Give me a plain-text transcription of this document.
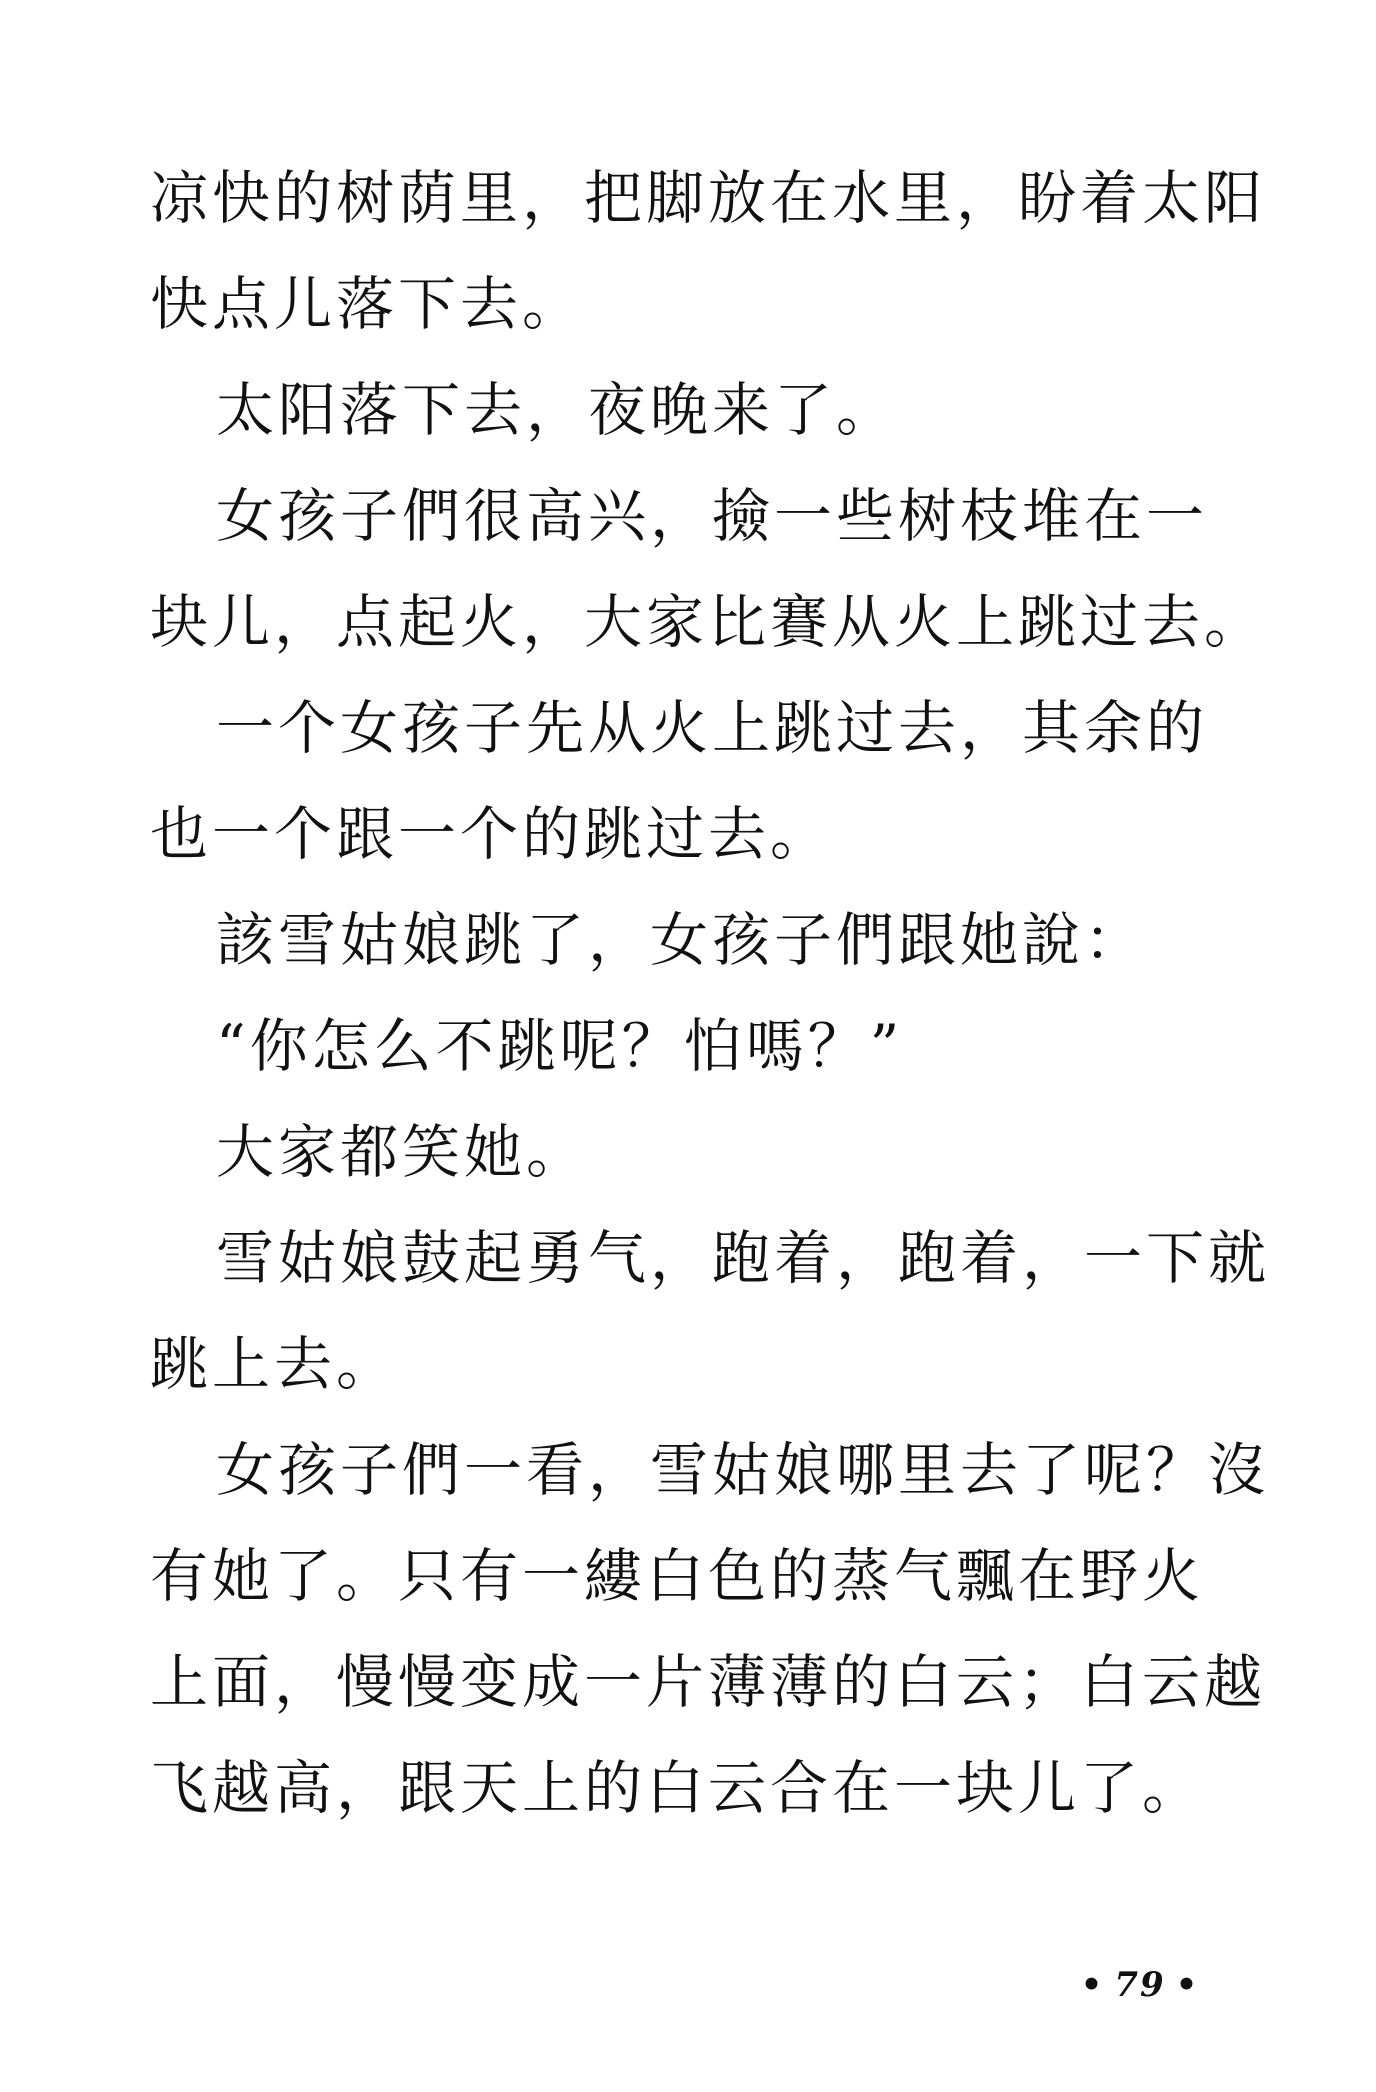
凉快的树荫里，把脚放在水里，盼着太阳
快点儿落下去。
太阳落下去，夜晚来了。
女孩子們很高兴，撿一些树枝堆在一
块儿，点起火，大家比賽从火上跳过去。
一个女孩子先从火上跳过去，其余的
也一个跟一个的跳过去。
該雪姑娘跳了，女孩子們跟她說：
“你怎么不跳呢？怕嗎？”
大家都笑她。
雪姑娘鼓起勇气，跑着，跑着，一下就
跳上去。
女孩子們一看，雪姑娘哪里去了呢？沒
有她了。只有一縷白色的蒸气飄在野火
上面，慢慢变成一片薄薄的白云；白云越
飞越高，跟天上的白云合在一块儿了。
• 79 •
